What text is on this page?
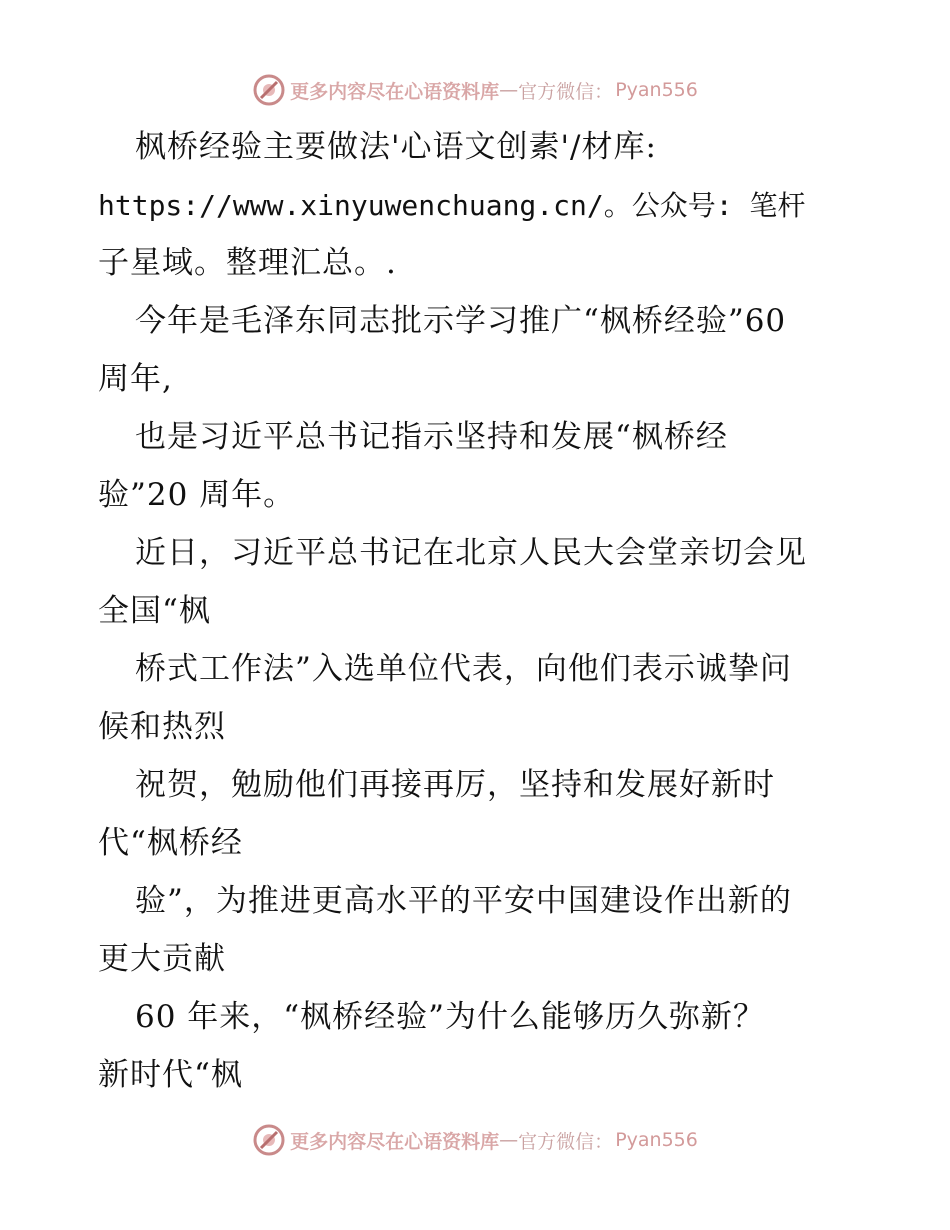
更多内容尽在心语资料库 — 官方微信： Pyan556
枫桥经验主要做法'心语文创素'/材库:
https://www.xinyuwenchuang.cn/。公众号: 笔杆
子星域。整理汇总。.
今年是毛泽东同志批示学习推广“枫桥经验”60
周年,
也是习近平总书记指示坚持和发展“枫桥经
验”20 周年。
近日，习近平总书记在北京人民大会堂亲切会见
全国“枫
桥式工作法”入选单位代表，向他们表示诚挚问
候和热烈
祝贺，勉励他们再接再厉，坚持和发展好新时
代“枫桥经
验”，为推进更高水平的平安中国建设作出新的
更大贡献
60 年来，“枫桥经验”为什么能够历久弥新？
新时代“枫
更多内容尽在心语资料库 — 官方微信： Pyan556
